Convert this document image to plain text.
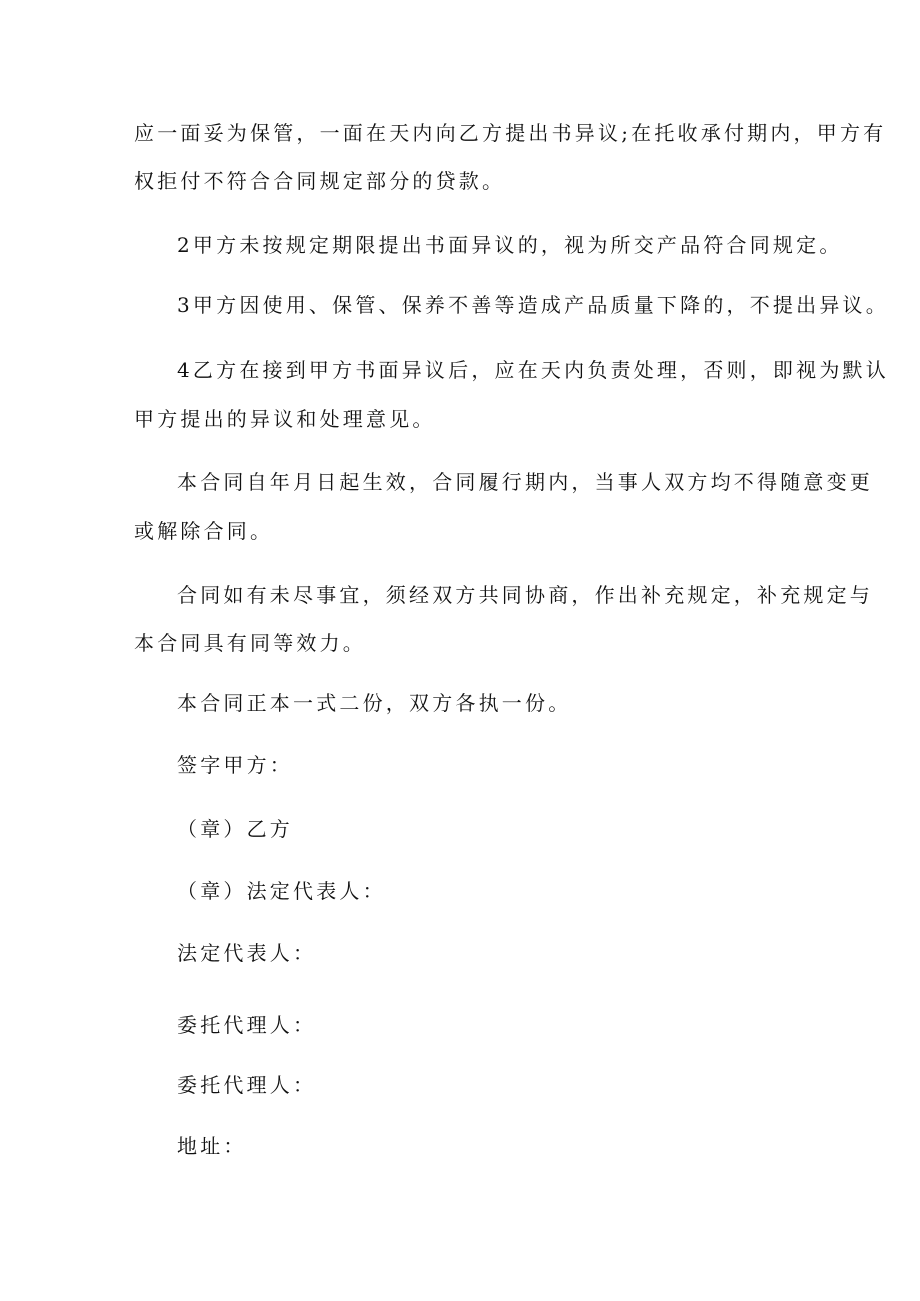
应一面妥为保管，一面在天内向乙方提出书异议;在托收承付期内，甲方有
权拒付不符合合同规定部分的贷款。
2甲方未按规定期限提出书面异议的，视为所交产品符合同规定。
3甲方因使用、保管、保养不善等造成产品质量下降的，不提出异议。
4乙方在接到甲方书面异议后，应在天内负责处理，否则，即视为默认
甲方提出的异议和处理意见。
本合同自年月日起生效，合同履行期内，当事人双方均不得随意变更
或解除合同。
合同如有未尽事宜，须经双方共同协商，作出补充规定，补充规定与
本合同具有同等效力。
本合同正本一式二份，双方各执一份。
签字甲方：
（章）乙方
（章）法定代表人：
法定代表人：
委托代理人：
委托代理人：
地址：
